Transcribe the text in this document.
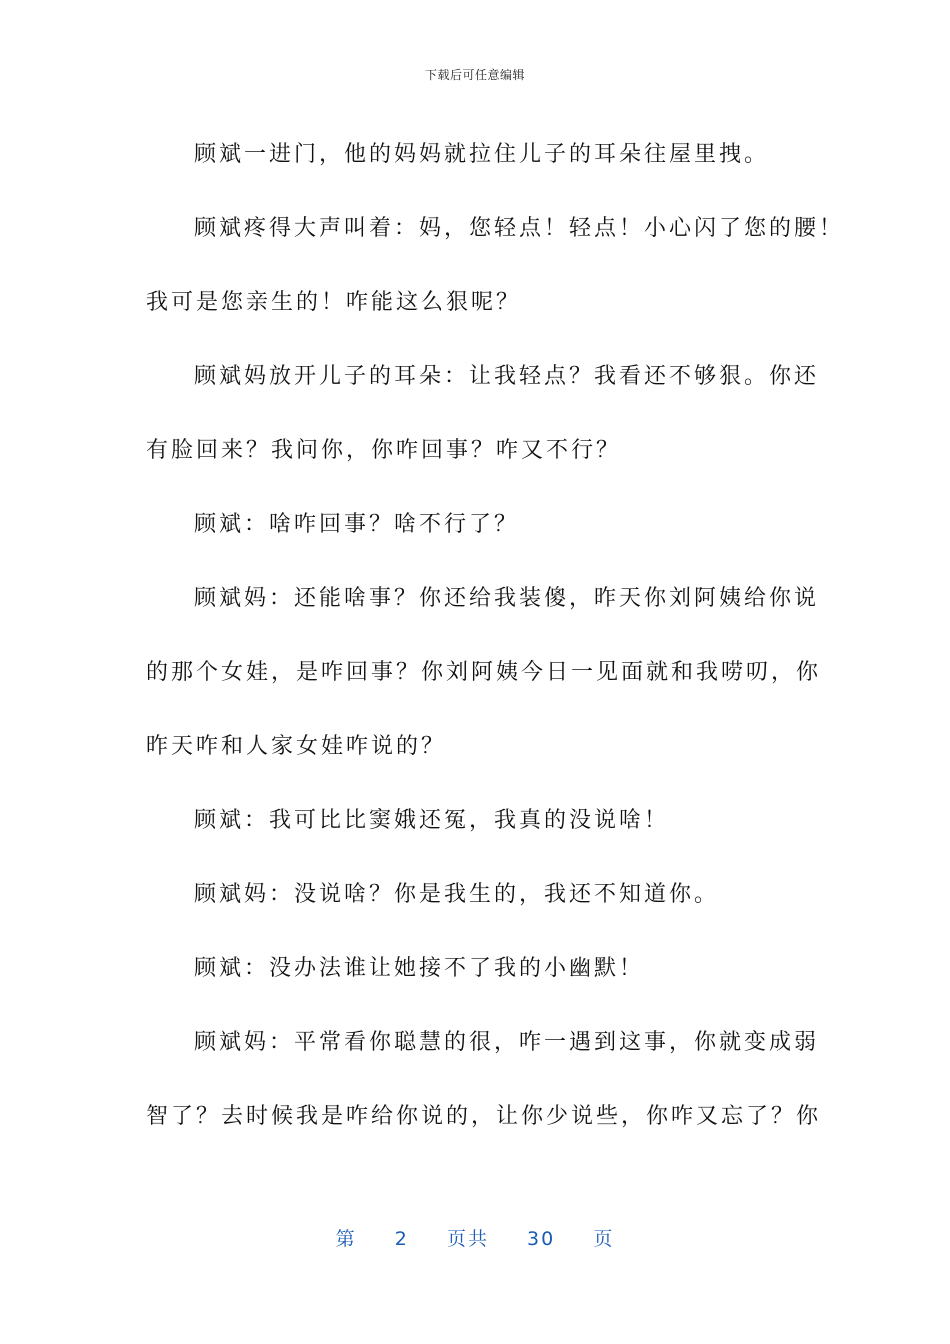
下载后可任意编辑

顾斌一进门，他的妈妈就拉住儿子的耳朵往屋里拽。

顾斌疼得大声叫着：妈，您轻点！轻点！小心闪了您的腰！
我可是您亲生的！咋能这么狠呢？

顾斌妈放开儿子的耳朵：让我轻点？我看还不够狠。你还
有脸回来？我问你，你咋回事？咋又不行？

顾斌：啥咋回事？啥不行了？

顾斌妈：还能啥事？你还给我装傻，昨天你刘阿姨给你说
的那个女娃，是咋回事？你刘阿姨今日一见面就和我唠叨，你
昨天咋和人家女娃咋说的？

顾斌：我可比比窦娥还冤，我真的没说啥！

顾斌妈：没说啥？你是我生的，我还不知道你。

顾斌：没办法谁让她接不了我的小幽默！

顾斌妈：平常看你聪慧的很，咋一遇到这事，你就变成弱
智了？去时候我是咋给你说的，让你少说些，你咋又忘了？你

第 2 页共 30 页
